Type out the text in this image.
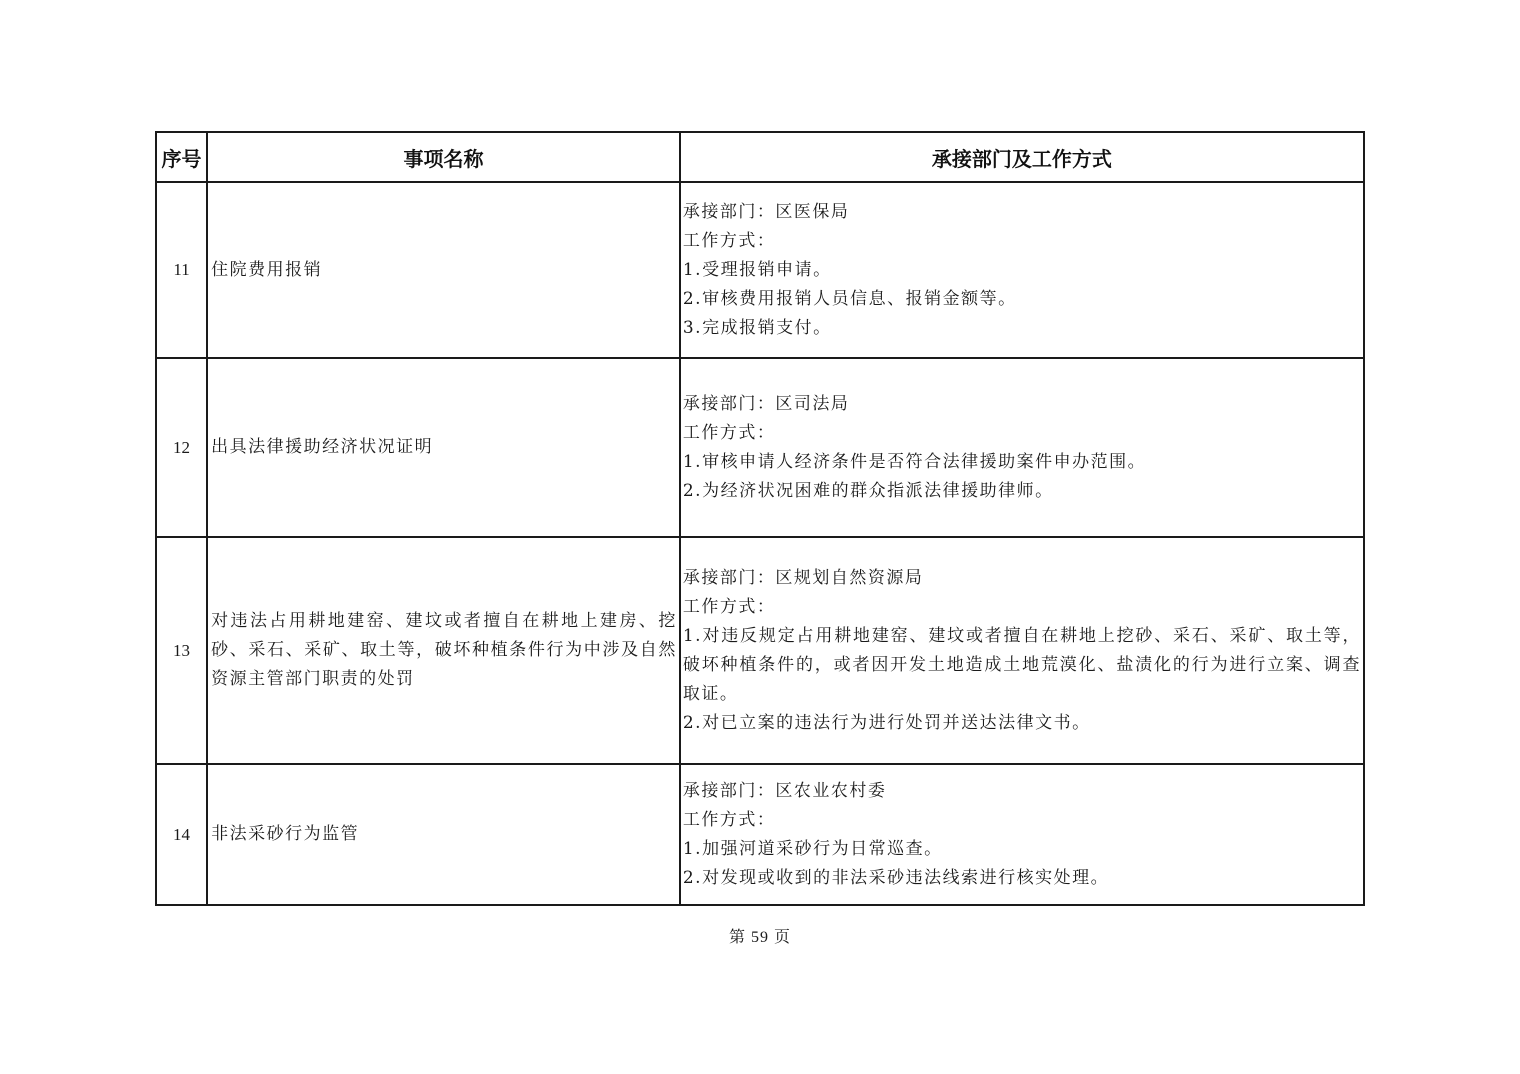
序号	事项名称	承接部门及工作方式
11	住院费用报销	承接部门：区医保局
工作方式：
1.受理报销申请。
2.审核费用报销人员信息、报销金额等。
3.完成报销支付。

12	出具法律援助经济状况证明	承接部门：区司法局
工作方式：
1.审核申请人经济条件是否符合法律援助案件申办范围。
2.为经济状况困难的群众指派法律援助律师。

13	对违法占用耕地建窑、建坟或者擅自在耕地上建房、挖砂、采石、采矿、取土等，破坏种植条件行为中涉及自然资源主管部门职责的处罚	承接部门：区规划自然资源局
工作方式：
1.对违反规定占用耕地建窑、建坟或者擅自在耕地上挖砂、采石、采矿、取土等，破坏种植条件的，或者因开发土地造成土地荒漠化、盐渍化的行为进行立案、调查取证。
2.对已立案的违法行为进行处罚并送达法律文书。

14	非法采砂行为监管	承接部门：区农业农村委
工作方式：
1.加强河道采砂行为日常巡查。
2.对发现或收到的非法采砂违法线索进行核实处理。
第 59 页
